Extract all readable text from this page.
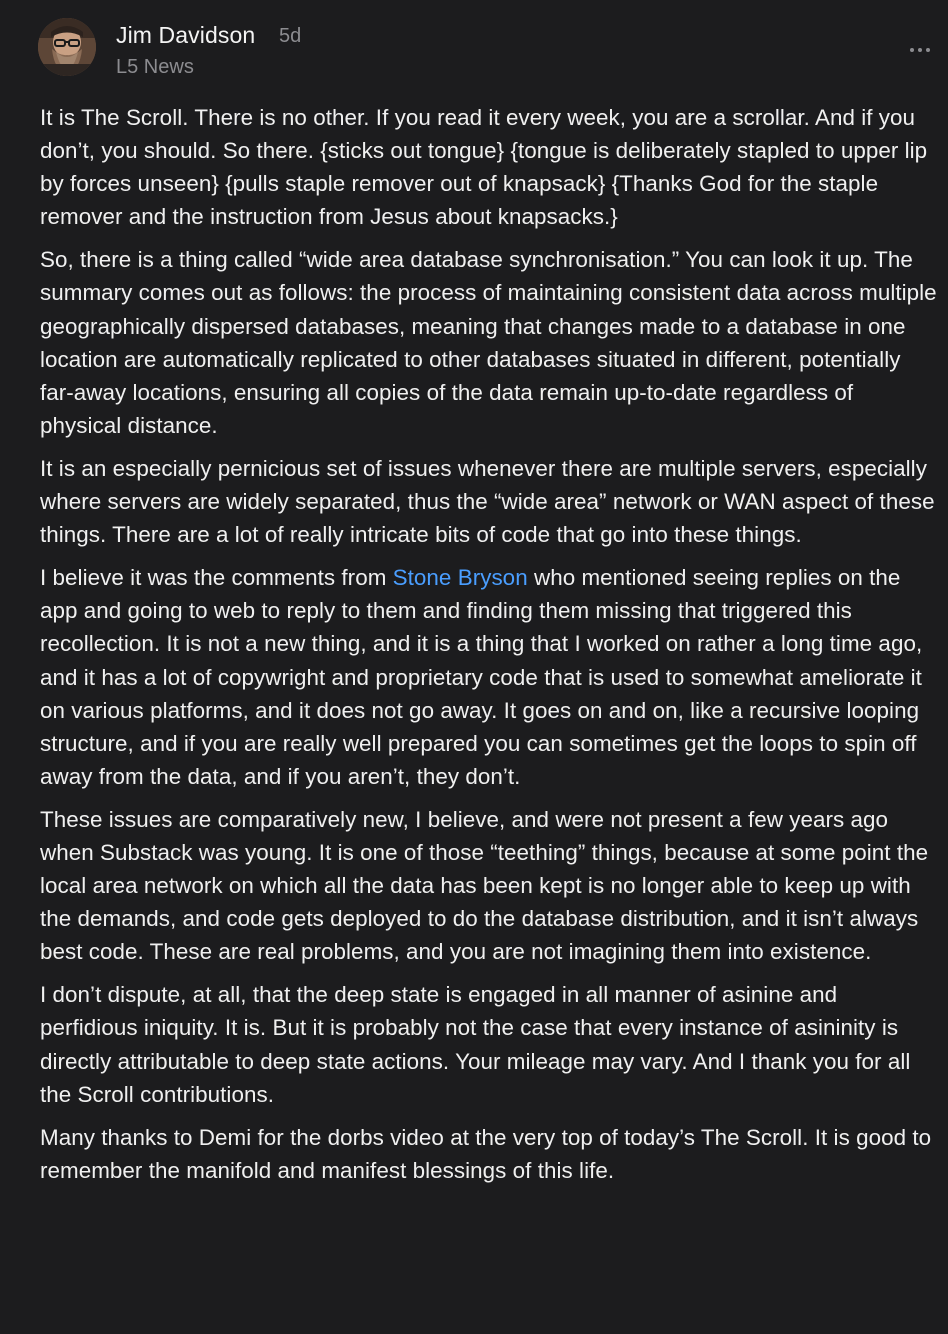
Jim Davidson 5d
L5 News

It is The Scroll. There is no other. If you read it every week, you are a scrollar. And if you don’t, you should. So there. {sticks out tongue} {tongue is deliberately stapled to upper lip by forces unseen} {pulls staple remover out of knapsack} {Thanks God for the staple remover and the instruction from Jesus about knapsacks.}

So, there is a thing called “wide area database synchronisation.” You can look it up. The summary comes out as follows: the process of maintaining consistent data across multiple geographically dispersed databases, meaning that changes made to a database in one location are automatically replicated to other databases situated in different, potentially far-away locations, ensuring all copies of the data remain up-to-date regardless of physical distance.

It is an especially pernicious set of issues whenever there are multiple servers, especially where servers are widely separated, thus the “wide area” network or WAN aspect of these things. There are a lot of really intricate bits of code that go into these things.

I believe it was the comments from Stone Bryson who mentioned seeing replies on the app and going to web to reply to them and finding them missing that triggered this recollection. It is not a new thing, and it is a thing that I worked on rather a long time ago, and it has a lot of copywright and proprietary code that is used to somewhat ameliorate it on various platforms, and it does not go away. It goes on and on, like a recursive looping structure, and if you are really well prepared you can sometimes get the loops to spin off away from the data, and if you aren’t, they don’t.

These issues are comparatively new, I believe, and were not present a few years ago when Substack was young. It is one of those “teething” things, because at some point the local area network on which all the data has been kept is no longer able to keep up with the demands, and code gets deployed to do the database distribution, and it isn’t always best code. These are real problems, and you are not imagining them into existence.

I don’t dispute, at all, that the deep state is engaged in all manner of asinine and perfidious iniquity. It is. But it is probably not the case that every instance of asininity is directly attributable to deep state actions. Your mileage may vary. And I thank you for all the Scroll contributions.

Many thanks to Demi for the dorbs video at the very top of today’s The Scroll. It is good to remember the manifold and manifest blessings of this life.
